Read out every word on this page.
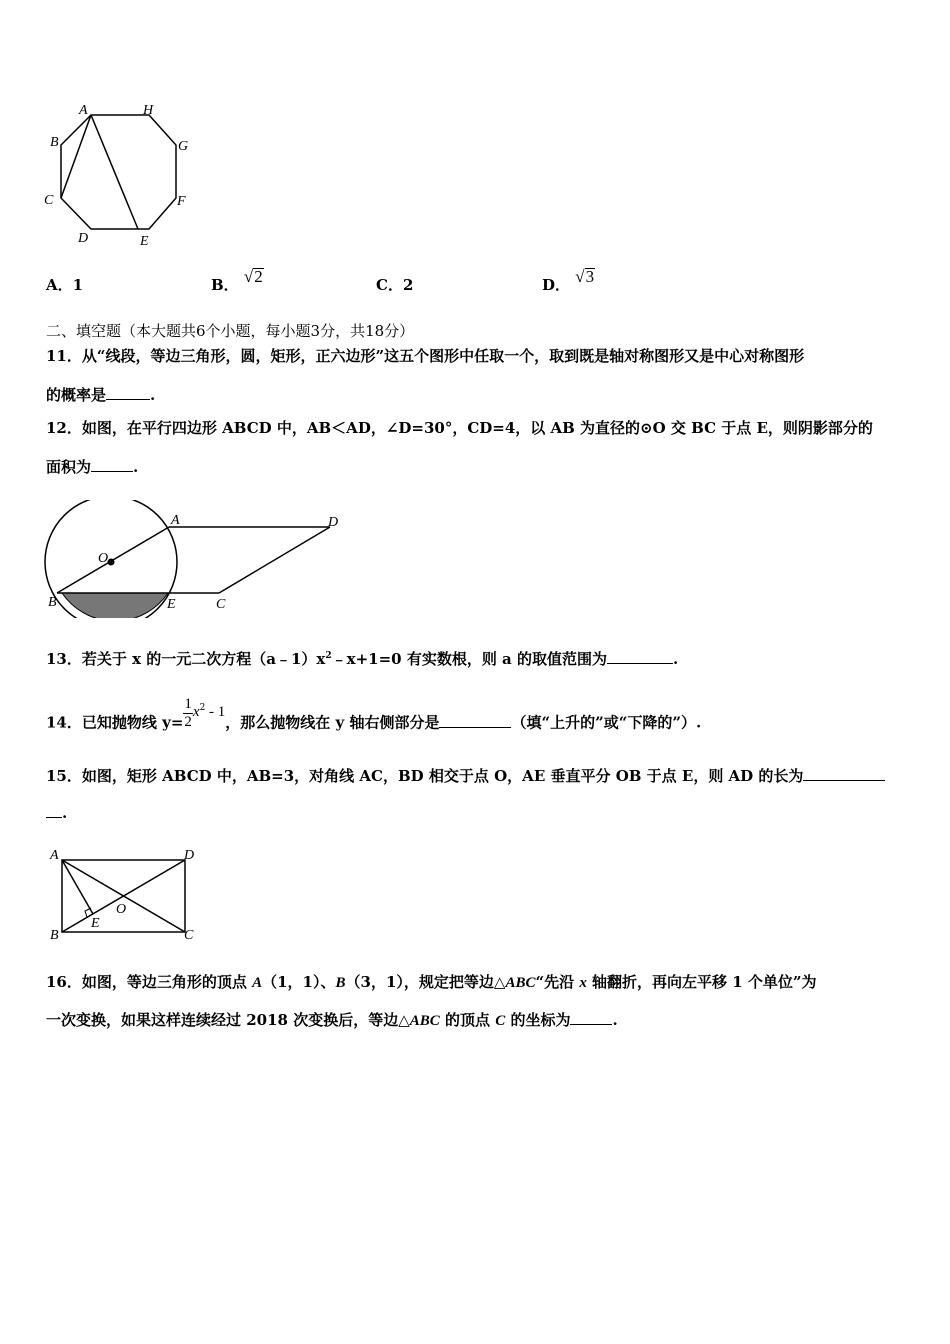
A	H
B	G
C	F
D	E
A．1	B． √2	C．2	D． √3
二、填空题（本大题共6个小题，每小题3分，共18分）
11．从“线段，等边三角形，圆，矩形，正六边形”这五个图形中任取一个，取到既是轴对称图形又是中心对称图形
的概率是	.
12．如图，在平行四边形 ABCD 中，AB＜AD，∠D=30°，CD=4，以 AB 为直径的⊙O 交 BC 于点 E，则阴影部分的
面积为	.
A	D
O
B	E	C
13．若关于 x 的一元二次方程$(a﹣1)x^2﹣x+1=0$ 有实数根，则 a 的取值范围为	.
14．已知抛物线 $y= \frac{1}{2} x^2 - 1$，那么抛物线在 y 轴右侧部分是	（填“上升的”或“下降的”）.
15．如图，矩形 ABCD 中，AB=3，对角线 AC，BD 相交于点 O，AE 垂直平分 OB 于点 E，则 AD 的长为
.
A	D
O
E
B	C
16．如图，等边三角形的顶点 A（1，1）、B（3，1），规定把等边△ABC“先沿 x 轴翻折，再向左平移 1 个单位”为
一次变换，如果这样连续经过 2018 次变换后，等边△ABC 的顶点 C 的坐标为	.
